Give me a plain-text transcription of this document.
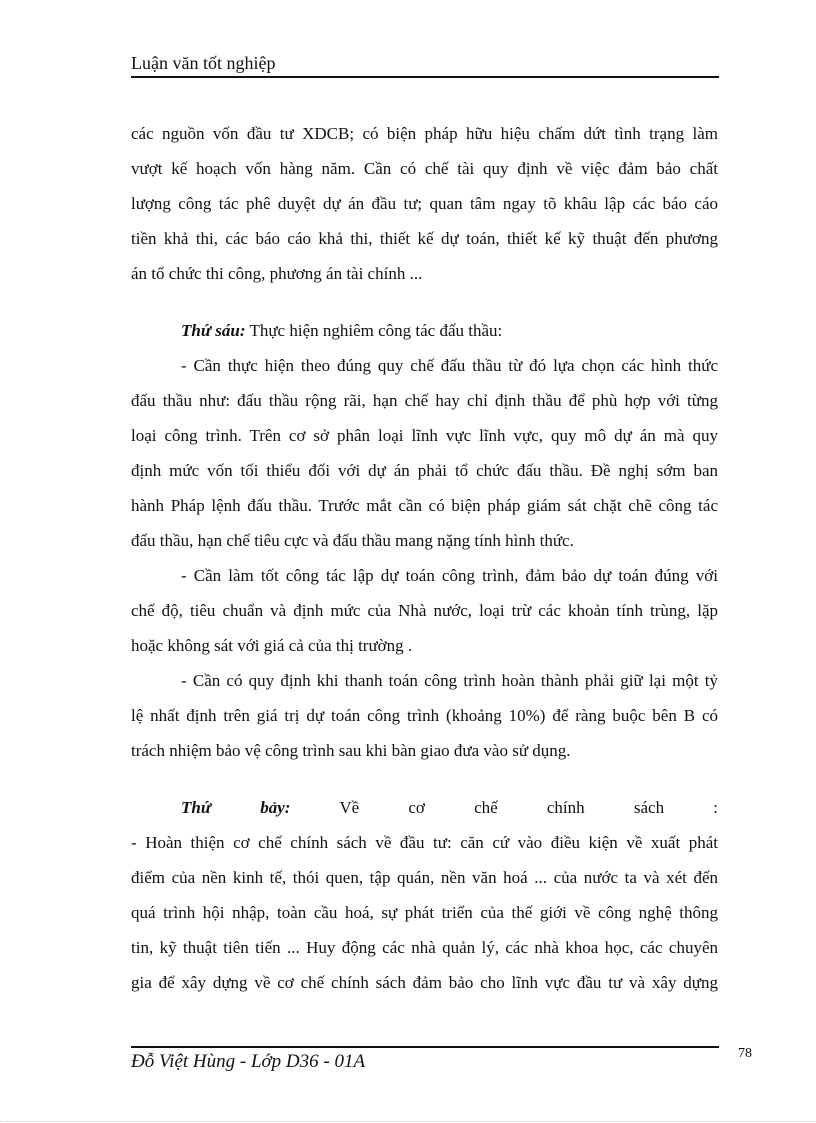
Luận văn tốt nghiệp
các nguồn vốn đầu tư XDCB; có biện pháp hữu hiệu chấm dứt tình trạng làm
vượt kế hoạch vốn hàng năm. Cần có chế tài quy định về việc đảm bảo chất
lượng công tác phê duyệt dự án đầu tư; quan tâm ngay tõ khâu lập các báo cáo
tiền khả thi, các báo cáo khả thi, thiết kế dự toán, thiết kế kỹ thuật đến phương
án tổ chức thi công, phương án tài chính ...
Thứ sáu: Thực hiện nghiêm công tác đấu thầu:
- Cần thực hiện theo đúng quy chế đấu thầu từ đó lựa chọn các hình thức
đấu thầu như: đấu thầu rộng rãi, hạn chế hay chỉ định thầu để phù hợp với từng
loại công trình. Trên cơ sở phân loại lĩnh vực lĩnh vực, quy mô dự án mà quy
định mức vốn tối thiểu đối với dự án phải tổ chức đấu thầu. Đề nghị sớm ban
hành Pháp lệnh đấu thầu. Trước mắt cần có biện pháp giám sát chặt chẽ công tác
đấu thầu, hạn chế tiêu cực và đấu thầu mang nặng tính hình thức.
- Cần làm tốt công tác lập dự toán công trình, đảm bảo dự toán đúng với
chế độ, tiêu chuẩn và định mức của Nhà nước, loại trừ các khoản tính trùng, lặp
hoặc không sát với giá cả của thị trường .
- Cần có quy định khi thanh toán công trình hoàn thành phải giữ lại một tỷ
lệ nhất định trên giá trị dự toán công trình (khoảng 10%) để ràng buộc bên B có
trách nhiệm bảo vệ công trình sau khi bàn giao đưa vào sử dụng.
Thứ bảy: Về cơ chế chính sách :
- Hoàn thiện cơ chế chính sách về đầu tư: căn cứ vào điều kiện về xuất phát
điểm của nền kinh tế, thói quen, tập quán, nền văn hoá ... của nước ta và xét đến
quá trình hội nhập, toàn cầu hoá, sự phát triển của thế giới về công nghệ thông
tin, kỹ thuật tiên tiến ... Huy động các nhà quản lý, các nhà khoa học, các chuyên
gia để xây dựng về cơ chế chính sách đảm bảo cho lĩnh vực đầu tư và xây dựng
Đỗ Việt Hùng - Lớp D36 - 01A	78
